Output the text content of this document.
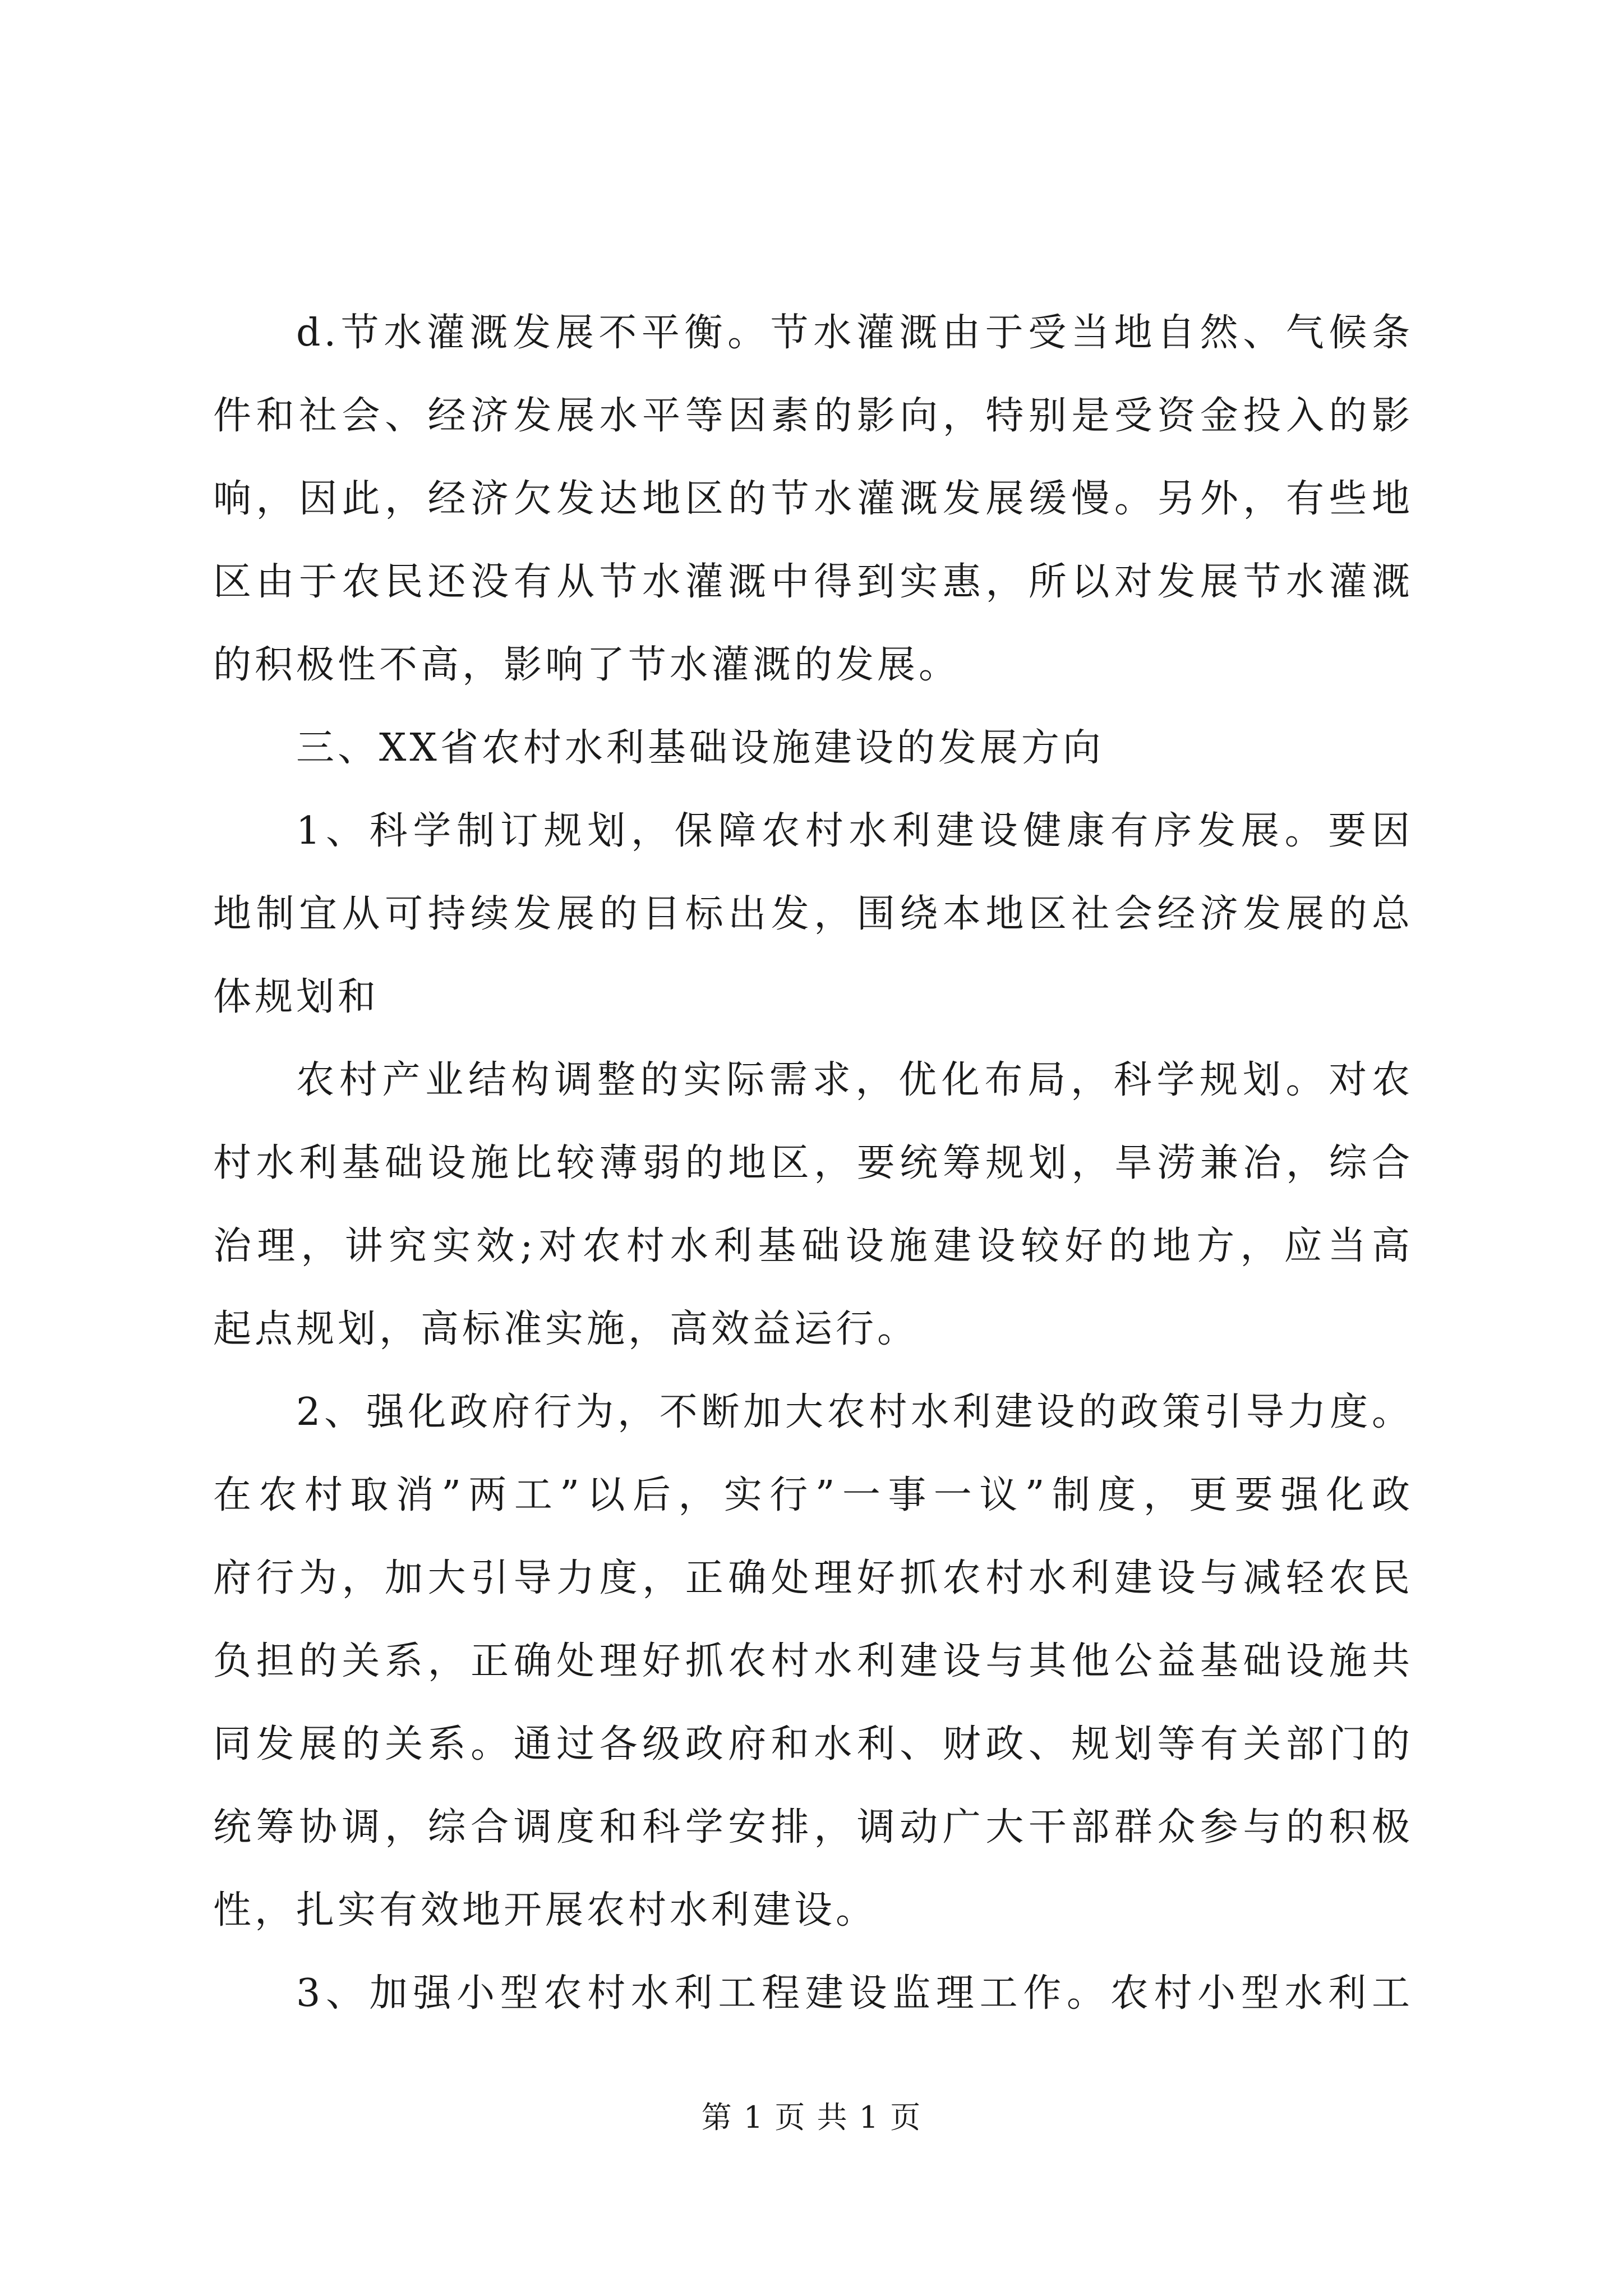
d.节水灌溉发展不平衡。节水灌溉由于受当地自然、气候条
件和社会、经济发展水平等因素的影向，特别是受资金投入的影
响，因此，经济欠发达地区的节水灌溉发展缓慢。另外，有些地
区由于农民还没有从节水灌溉中得到实惠，所以对发展节水灌溉
的积极性不高，影响了节水灌溉的发展。
三、XX省农村水利基础设施建设的发展方向
1、科学制订规划，保障农村水利建设健康有序发展。要因
地制宜从可持续发展的目标出发，围绕本地区社会经济发展的总
体规划和
农村产业结构调整的实际需求，优化布局，科学规划。对农
村水利基础设施比较薄弱的地区，要统筹规划，旱涝兼冶，综合
治理，讲究实效;对农村水利基础设施建设较好的地方，应当高
起点规划，高标准实施，高效益运行。
2、强化政府行为，不断加大农村水利建设的政策引导力度。
在农村取消”两工”以后，实行”一事一议”制度，更要强化政
府行为，加大引导力度，正确处理好抓农村水利建设与减轻农民
负担的关系，正确处理好抓农村水利建设与其他公益基础设施共
同发展的关系。通过各级政府和水利、财政、规划等有关部门的
统筹协调，综合调度和科学安排，调动广大干部群众参与的积极
性，扎实有效地开展农村水利建设。
3、加强小型农村水利工程建设监理工作。农村小型水利工
第 1 页 共 1 页
